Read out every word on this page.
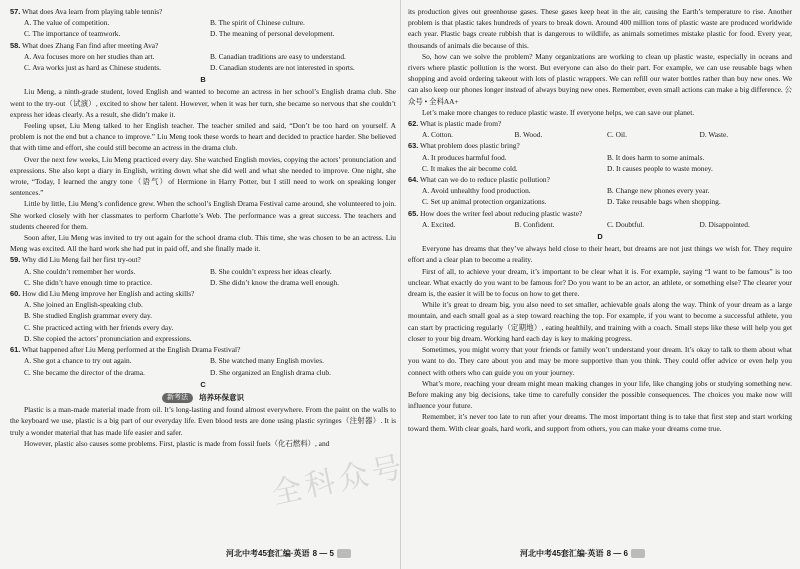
57. What does Ava learn from playing table tennis?

A. The value of competition.	B. The spirit of Chinese culture.
C. The importance of teamwork.	D. The meaning of personal development.

58. What does Zhang Fan find after meeting Ava?

A. Ava focuses more on her studies than art.	B. Canadian traditions are easy to understand.
C. Ava works just as hard as Chinese students.	D. Canadian students are not interested in sports.
B

Liu Meng, a ninth-grade student, loved English and wanted to become an actress in her school’s English drama club. She went to the try-out（试演）, excited to show her talent. However, when it was her turn, she became so nervous that she couldn’t express her ideas clearly. As a result, she didn’t make it.

Feeling upset, Liu Meng talked to her English teacher. The teacher smiled and said, “Don’t be too hard on yourself. A problem is not the end but a chance to improve.” Liu Meng took these words to heart and decided to practice harder. She believed that with time and effort, she could still become an actress in the drama club.

Over the next few weeks, Liu Meng practiced every day. She watched English movies, copying the actors’ pronunciation and expressions. She also kept a diary in English, writing down what she did well and what she needed to improve. One night, she wrote, “Today, I learned the angry tone（语气）of Hermione in Harry Potter, but I still need to work on speaking longer sentences.”

Little by little, Liu Meng’s confidence grew. When the school’s English Drama Festival came around, she volunteered to join. She worked closely with her classmates to perform Charlotte’s Web. The performance was a great success. The teachers and students cheered for them.

Soon after, Liu Meng was invited to try out again for the school drama club. This time, she was chosen to be an actress. Liu Meng was excited. All the hard work she had put in paid off, and she finally made it.

59. Why did Liu Meng fail her first try-out?

A. She couldn’t remember her words.	B. She couldn’t express her ideas clearly.
C. She didn’t have enough time to practice.	D. She didn’t know the drama well enough.

60. How did Liu Meng improve her English and acting skills?

A. She joined an English-speaking club.
B. She studied English grammar every day.
C. She practiced acting with her friends every day.
D. She copied the actors’ pronunciation and expressions.

61. What happened after Liu Meng performed at the English Drama Festival?

A. She got a chance to try out again.	B. She watched many English movies.
C. She became the director of the drama.	D. She organized an English drama club.
C
新考法	培养环保意识

Plastic is a man-made material made from oil. It’s long-lasting and found almost everywhere. From the paint on the walls to the keyboard we use, plastic is a big part of our everyday life. Even blood tests are done using plastic syringes（注射器）. It is truly a wonder material that has made life easier and safer.

However, plastic also causes some problems. First, plastic is made from fossil fuels（化石燃料）, and

its production gives out greenhouse gases. These gases keep heat in the air, causing the Earth’s temperature to rise. Another problem is that plastic takes hundreds of years to break down. Around 400 million tons of plastic waste are produced worldwide each year. Plastic bags create rubbish that is dangerous to wildlife, as animals sometimes mistake plastic for food. Every year, thousands of animals die because of this.

So, how can we solve the problem? Many organizations are working to clean up plastic waste, especially in oceans and rivers where plastic pollution is the worst. But everyone can also do their part. For example, we can use reusable bags when shopping and avoid ordering takeout with lots of plastic wrappers. We can refill our water bottles rather than buy new ones. We can also keep our phones longer instead of always buying new ones. Remember, even small actions can make a big difference. 公众号 • 全科AA+

Let’s make more changes to reduce plastic waste. If everyone helps, we can save our planet.

62. What is plastic made from?

A. Cotton.	B. Wood.	C. Oil.	D. Waste.

63. What problem does plastic bring?

A. It produces harmful food.	B. It does harm to some animals.
C. It makes the air become cold.	D. It causes people to waste money.

64. What can we do to reduce plastic pollution?

A. Avoid unhealthy food production.	B. Change new phones every year.
C. Set up animal protection organizations.	D. Take reusable bags when shopping.

65. How does the writer feel about reducing plastic waste?

A. Excited.	B. Confident.	C. Doubtful.	D. Disappointed.
D

Everyone has dreams that they’ve always held close to their heart, but dreams are not just things we wish for. They require effort and a clear plan to become a reality.

First of all, to achieve your dream, it’s important to be clear what it is. For example, saying “I want to be famous” is too unclear. What exactly do you want to be famous for? Do you want to be an actor, an athlete, or something else? The clearer your dream is, the easier it will be to focus on how to get there.

While it’s great to dream big, you also need to set smaller, achievable goals along the way. Think of your dream as a large mountain, and each small goal as a step toward reaching the top. For example, if you want to become a successful athlete, you can start by practicing regularly（定期地）, eating healthily, and training with a coach. Small steps like these will help you get closer to your big dream. Working hard each day is key to making progress.

Sometimes, you might worry that your friends or family won’t understand your dream. It’s okay to talk to them about what you want to do. They care about you and may be more supportive than you think. They could offer advice or even help you connect with others who can guide you on your journey.

What’s more, reaching your dream might mean making changes in your life, like changing jobs or studying something new. Before making any big decisions, take time to carefully consider the possible consequences. The choices you make now will influence your future.

Remember, it’s never too late to run after your dreams. The most important thing is to take that first step and start working toward them. With clear goals, hard work, and support from others, you can make your dreams come true.

全科众号
河北中考45套汇编·英语 8 — 5	河北中考45套汇编·英语 8 — 6
